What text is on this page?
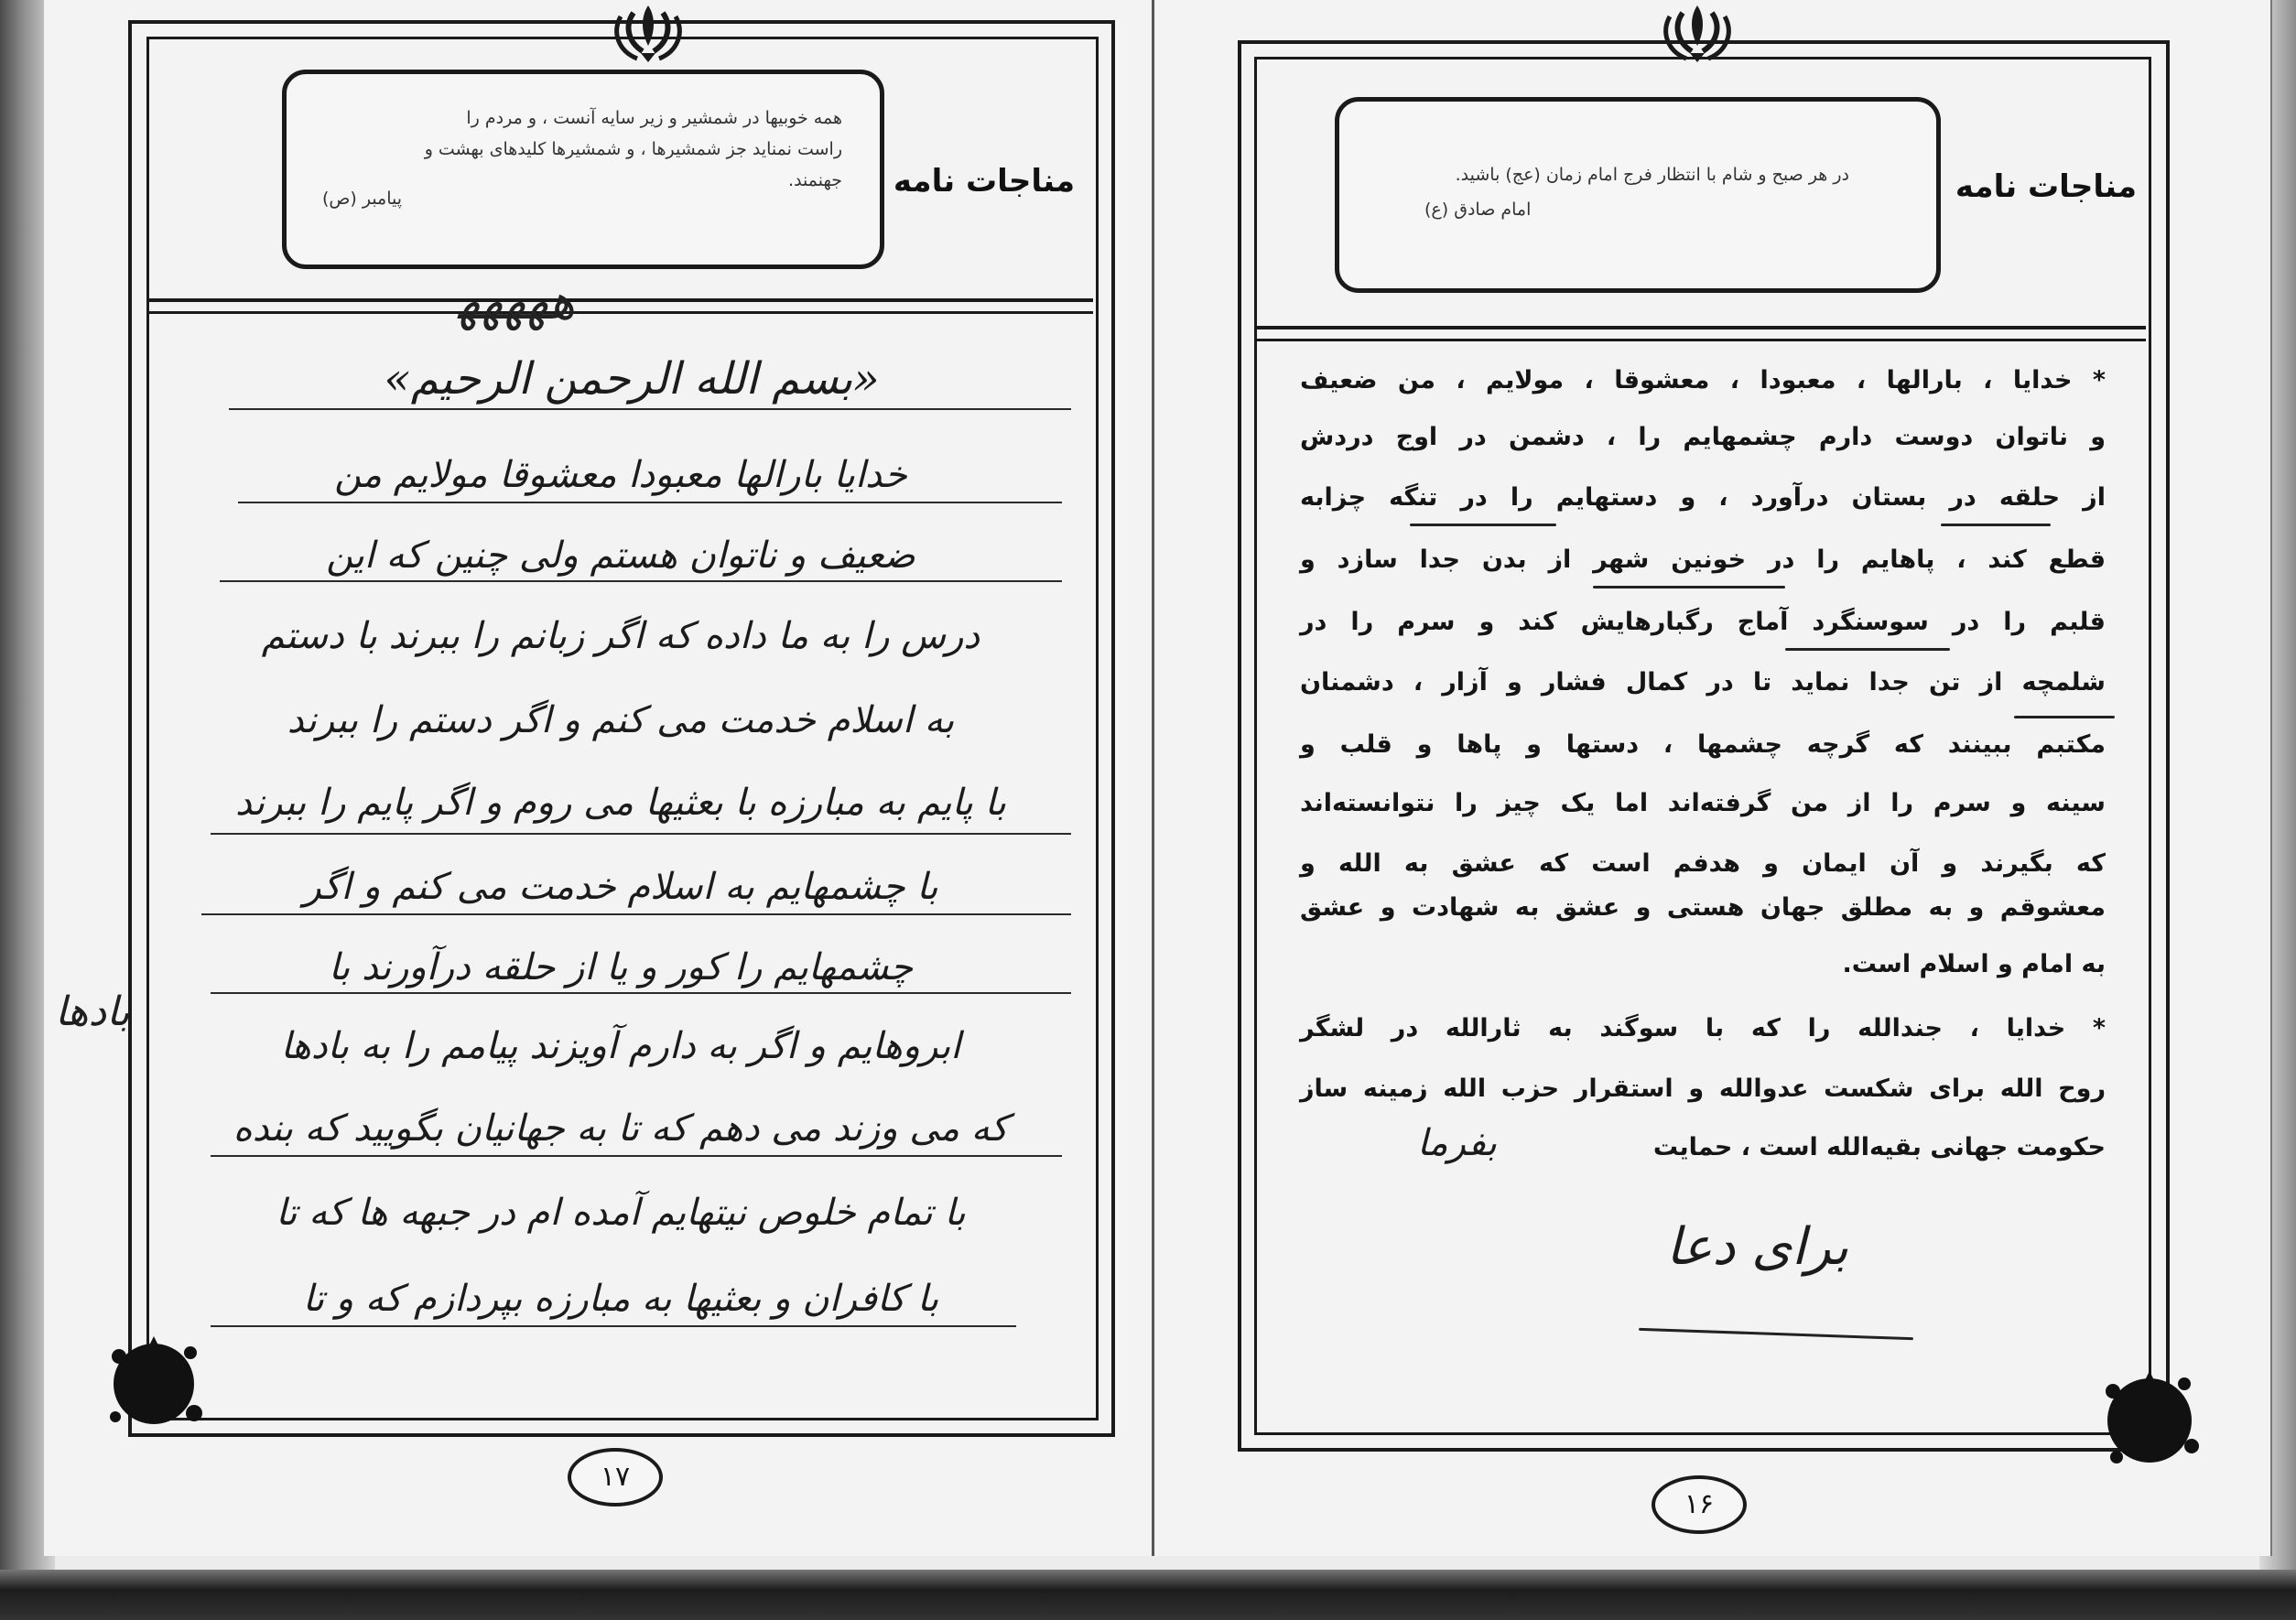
همه خوبیها در شمشیر و زیر سایه آنست ، و مردم را
راست نمناید جز شمشیرها ، و شمشیرها کلیدهای بهشت و
جهنمند.
پیامبر (ص)	مناجات نامه
«بسم الله الرحمن الرحیم»
ﻫﻬﻬﻬﻬ
خدایا بارالها معبودا معشوقا مولایم من
ضعیف و ناتوان هستم ولی چنین که این
درس را به ما داده که اگر زبانم را ببرند با دستم
به اسلام خدمت می کنم و اگر دستم را ببرند
با پایم به مبارزه با بعثیها می روم و اگر پایم را ببرند
با چشمهایم به اسلام خدمت می کنم و اگر
چشمهایم را کور و یا از حلقه درآورند با
ابروهایم و اگر به دارم آویزند پیامم را به بادها
که می وزند می دهم که تا به جهانیان بگویید که بنده
با تمام خلوص نیتهایم آمده ام در جبهه ها که تا
با کافران و بعثیها به مبارزه بپردازم که و تا
بادها
۱۷
در هر صبح و شام با انتظار فرج امام زمان (عج) باشید.
امام صادق (ع)
مناجات نامه
* خدایا ، بارالها ، معبودا ، معشوقا ، مولایم ، من ضعیف
و ناتوان دوست دارم چشمهایم را ، دشمن در اوج دردش
از حلقه در بستان درآورد ، و دستهایم را در تنگه چزابه
قطع کند ، پاهایم را در خونین شهر از بدن جدا سازد و
قلبم را در سوسنگرد آماج رگبارهایش کند و سرم را در
شلمچه از تن جدا نماید تا در کمال فشار و آزار ، دشمنان
مکتبم ببینند که گرچه چشمها ، دستها و پاها و قلب و
سینه و سرم را از من گرفته‌اند اما یک چیز را نتوانسته‌اند
که بگیرند و آن ایمان و هدفم است که عشق به الله و
معشوقم و به مطلق جهان هستی و عشق به شهادت و عشق
به امام و اسلام است.
* خدایا ، جندالله را که با سوگند به ثارالله در لشگر
روح الله برای شکست عدوالله و استقرار حزب الله زمینه ساز
حکومت جهانی بقیه‌الله است ، حمایت
بفرما
برای دعا
۱۶
